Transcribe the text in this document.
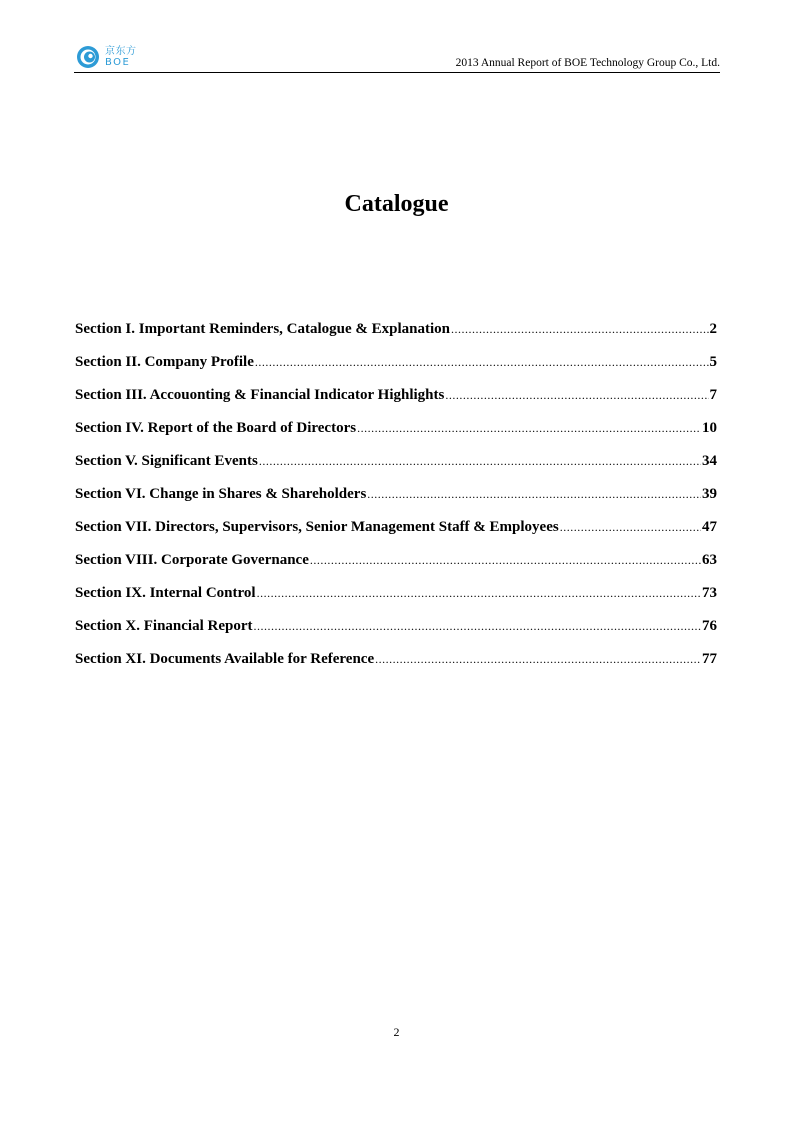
京东方
BOE	2013 Annual Report of BOE Technology Group Co., Ltd.
Catalogue
Section I. Important Reminders, Catalogue & Explanation .....	2
Section II. Company Profile .....	5
Section III. Accouonting & Financial Indicator Highlights .....	7
Section IV. Report of the Board of Directors .....	10
Section V. Significant Events .....	34
Section VI. Change in Shares & Shareholders .....	39
Section VII. Directors, Supervisors, Senior Management Staff & Employees .....	47
Section VIII. Corporate Governance .....	63
Section IX. Internal Control .....	73
Section X. Financial Report .....	76
Section XI. Documents Available for Reference .....	77
2
